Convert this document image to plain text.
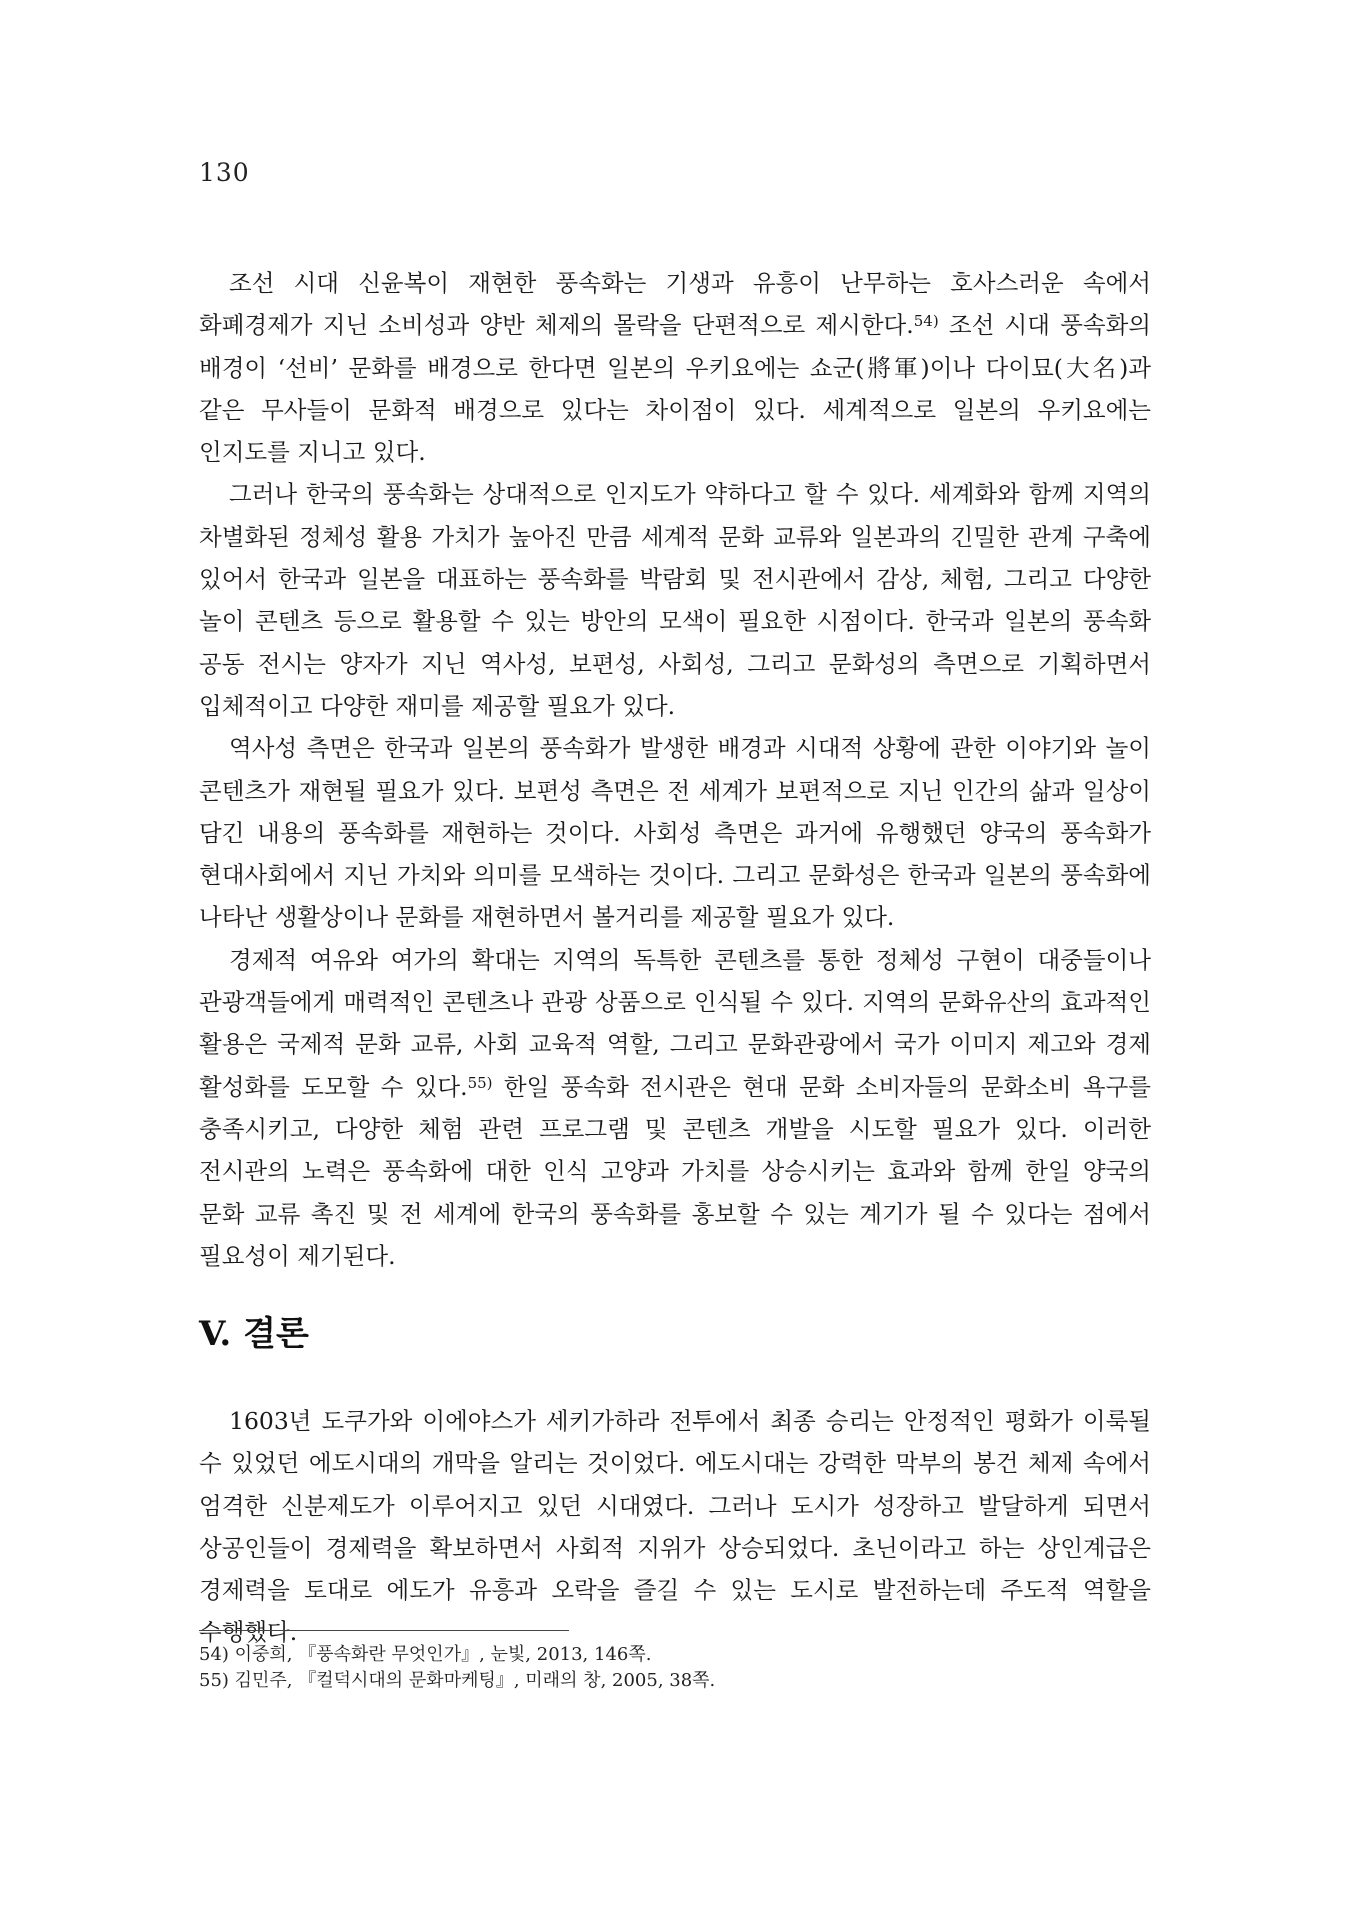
130

조선 시대 신윤복이 재현한 풍속화는 기생과 유흥이 난무하는 호사스러운 속에서 화폐경제가 지닌 소비성과 양반 체제의 몰락을 단편적으로 제시한다.$^{54)}$ 조선 시대 풍속화의 배경이 ‘선비’ 문화를 배경으로 한다면 일본의 우키요에는 쇼군(將軍)이나 다이묘(大名)과 같은 무사들이 문화적 배경으로 있다는 차이점이 있다. 세계적으로 일본의 우키요에는 인지도를 지니고 있다.

그러나 한국의 풍속화는 상대적으로 인지도가 약하다고 할 수 있다. 세계화와 함께 지역의 차별화된 정체성 활용 가치가 높아진 만큼 세계적 문화 교류와 일본과의 긴밀한 관계 구축에 있어서 한국과 일본을 대표하는 풍속화를 박람회 및 전시관에서 감상, 체험, 그리고 다양한 놀이 콘텐츠 등으로 활용할 수 있는 방안의 모색이 필요한 시점이다. 한국과 일본의 풍속화 공동 전시는 양자가 지닌 역사성, 보편성, 사회성, 그리고 문화성의 측면으로 기획하면서 입체적이고 다양한 재미를 제공할 필요가 있다.

역사성 측면은 한국과 일본의 풍속화가 발생한 배경과 시대적 상황에 관한 이야기와 놀이 콘텐츠가 재현될 필요가 있다. 보편성 측면은 전 세계가 보편적으로 지닌 인간의 삶과 일상이 담긴 내용의 풍속화를 재현하는 것이다. 사회성 측면은 과거에 유행했던 양국의 풍속화가 현대사회에서 지닌 가치와 의미를 모색하는 것이다. 그리고 문화성은 한국과 일본의 풍속화에 나타난 생활상이나 문화를 재현하면서 볼거리를 제공할 필요가 있다.

경제적 여유와 여가의 확대는 지역의 독특한 콘텐츠를 통한 정체성 구현이 대중들이나 관광객들에게 매력적인 콘텐츠나 관광 상품으로 인식될 수 있다. 지역의 문화유산의 효과적인 활용은 국제적 문화 교류, 사회 교육적 역할, 그리고 문화관광에서 국가 이미지 제고와 경제 활성화를 도모할 수 있다.$^{55)}$ 한일 풍속화 전시관은 현대 문화 소비자들의 문화소비 욕구를 충족시키고, 다양한 체험 관련 프로그램 및 콘텐츠 개발을 시도할 필요가 있다. 이러한 전시관의 노력은 풍속화에 대한 인식 고양과 가치를 상승시키는 효과와 함께 한일 양국의 문화 교류 촉진 및 전 세계에 한국의 풍속화를 홍보할 수 있는 계기가 될 수 있다는 점에서 필요성이 제기된다.

V. 결론

1603년 도쿠가와 이에야스가 세키가하라 전투에서 최종 승리는 안정적인 평화가 이룩될 수 있었던 에도시대의 개막을 알리는 것이었다. 에도시대는 강력한 막부의 봉건 체제 속에서 엄격한 신분제도가 이루어지고 있던 시대였다. 그러나 도시가 성장하고 발달하게 되면서 상공인들이 경제력을 확보하면서 사회적 지위가 상승되었다. 초닌이라고 하는 상인계급은 경제력을 토대로 에도가 유흥과 오락을 즐길 수 있는 도시로 발전하는데 주도적 역할을 수행했다.

54) 이중희, 『풍속화란 무엇인가』, 눈빛, 2013, 146쪽.

55) 김민주, 『컬덕시대의 문화마케팅』, 미래의 창, 2005, 38쪽.
